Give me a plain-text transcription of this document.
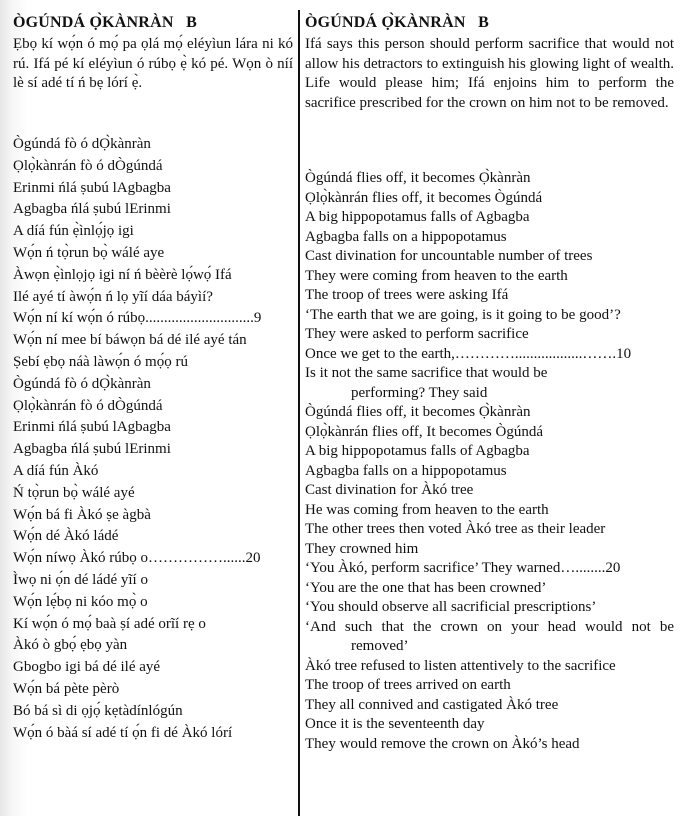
ÒGÚNDÁ Ọ̀KÀNRÀN   B
Ẹbọ kí wọ́n ó mọ́ pa ọlá mọ́ eléyìun lára ni kó rú. Ifá pé kí eléyìun ó rúbọ ẹ̀ kó pé. Wọn ò níí lè sí adé tí ń bẹ lórí ẹ̀.
Ògúndá fò ó dỌ̀kànràn
Ọlọ̀kànrán fò ó dÒgúndá
Erinmi ńlá ṣubú lAgbagba
Agbagba ńlá ṣubú lErinmi
A díá fún ẹ̀ìnlọ́jọ igi
Wọ́n ń tọ̀run bọ̀ wálé aye
Àwọn ẹ̀ìnlọjọ igi ní ń bèèrè lọ́wọ́ Ifá
Ilé ayé tí àwọ́n ń lọ yĩí dáa báyìí?
Wọ́n ní kí wọ́n ó rúbọ.............................9
Wọ́n ní mee bí báwọn bá dé ilé ayé tán
Ṣebí ẹbọ náà làwọ́n ó mọ́ọ rú
Ògúndá fò ó dỌ̀kànràn
Ọlọ̀kànrán fò ó dÒgúndá
Erinmi ńlá ṣubú lAgbagba
Agbagba ńlá ṣubú lErinmi
A díá fún Àkó
Ń tọ̀run bọ̀ wálé ayé
Wọ́n bá fi Àkó ṣe àgbà
Wọ́n dé Àkó ládé
Wọ́n níwọ Àkó rúbọ o……………......20
Ìwọ ni ọ́n dé ládé yĩí o
Wọ́n lẹ́bọ ni kóo mọ̀ o
Kí wọ́n ó mọ́ baà ṣí adé orĩí rẹ o
Àkó ò gbọ́ ẹbọ yàn
Gbogbo igi bá dé ilé ayé
Wọ́n bá pète pèrò
Bó bá sì di ọjọ́ kẹtàdínlógún
Wọ́n ó bàá sí adé tí ọ́n fi dé Àkó lórí
ÒGÚNDÁ Ọ̀KÀNRÀN   B
Ifá says this person should perform sacrifice that would not allow his detractors to extinguish his glowing light of wealth. Life would please him; Ifá enjoins him to perform the sacrifice prescribed for the crown on him not to be removed.
Ògúndá flies off, it becomes Ọ̀kànràn
Ọlọ̀kànrán flies off, it becomes Ògúndá
A big hippopotamus falls of Agbagba
Agbagba falls on a hippopotamus
Cast divination for uncountable number of trees
They were coming from heaven to the earth
The troop of trees were asking Ifá
‘The earth that we are going, is it going to be good’?
They were asked to perform sacrifice
Once we get to the earth,…………..................…….10
Is it not the same sacrifice that would be
performing? They said
Ògúndá flies off, it becomes Ọ̀kànràn
Ọlọ̀kànrán flies off, It becomes Ògúndá
A big hippopotamus falls of Agbagba
Agbagba falls on a hippopotamus
Cast divination for Àkó tree
He was coming from heaven to the earth
The other trees then voted Àkó tree as their leader
They crowned him
‘You Àkó, perform sacrifice’ They warned…........20
‘You are the one that has been crowned’
‘You should observe all sacrificial prescriptions’
‘And such that the crown on your head would not be
removed’
Àkó tree refused to listen attentively to the sacrifice
The troop of trees arrived on earth
They all connived and castigated Àkó tree
Once it is the seventeenth day
They would remove the crown on Àkó’s head
